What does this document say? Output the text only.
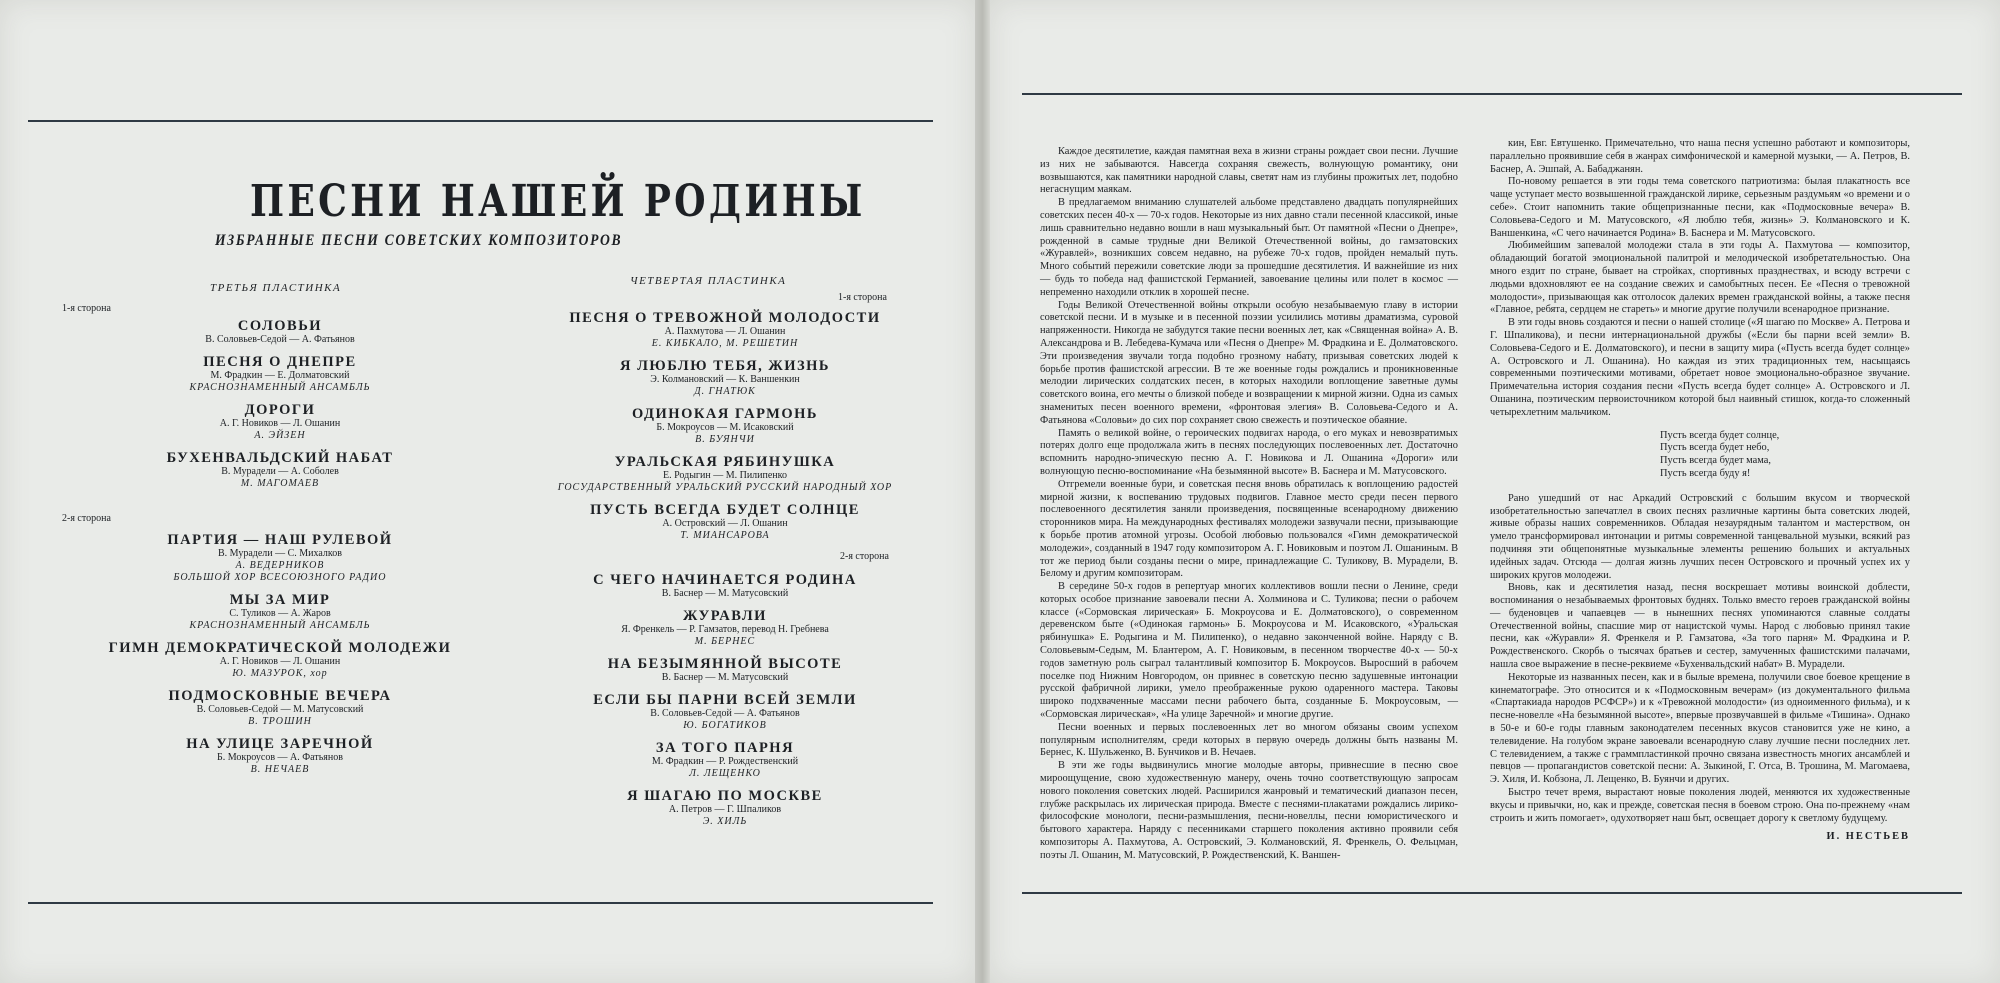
ПЕСНИ НАШЕЙ РОДИНЫ
ИЗБРАННЫЕ ПЕСНИ СОВЕТСКИХ КОМПОЗИТОРОВ
ТРЕТЬЯ ПЛАСТИНКА
1-я сторона
2-я сторона
ЧЕТВЕРТАЯ ПЛАСТИНКА
1-я сторона
2-я сторона
СОЛОВЬИ
В. Соловьев-Седой — А. Фатьянов
ПЕСНЯ О ДНЕПРЕ
М. Фрадкин — Е. Долматовский
КРАСНОЗНАМЕННЫЙ АНСАМБЛЬ
ДОРОГИ
А. Г. Новиков — Л. Ошанин
А. ЭЙЗЕН
БУХЕНВАЛЬДСКИЙ НАБАТ
В. Мурадели — А. Соболев
М. МАГОМАЕВ
ПАРТИЯ — НАШ РУЛЕВОЙ
В. Мурадели — С. Михалков
А. ВЕДЕРНИКОВ
БОЛЬШОЙ ХОР ВСЕСОЮЗНОГО РАДИО
МЫ ЗА МИР
С. Туликов — А. Жаров
КРАСНОЗНАМЕННЫЙ АНСАМБЛЬ
ГИМН ДЕМОКРАТИЧЕСКОЙ МОЛОДЕЖИ
А. Г. Новиков — Л. Ошанин
Ю. МАЗУРОК, хор
ПОДМОСКОВНЫЕ ВЕЧЕРА
В. Соловьев-Седой — М. Матусовский
В. ТРОШИН
НА УЛИЦЕ ЗАРЕЧНОЙ
Б. Мокроусов — А. Фатьянов
В. НЕЧАЕВ
ПЕСНЯ О ТРЕВОЖНОЙ МОЛОДОСТИ
А. Пахмутова — Л. Ошанин
Е. КИБКАЛО, М. РЕШЕТИН
Я ЛЮБЛЮ ТЕБЯ, ЖИЗНЬ
Э. Колмановский — К. Ваншенкин
Д. ГНАТЮК
ОДИНОКАЯ ГАРМОНЬ
Б. Мокроусов — М. Исаковский
В. БУЯНЧИ
УРАЛЬСКАЯ РЯБИНУШКА
Е. Родыгин — М. Пилипенко
ГОСУДАРСТВЕННЫЙ УРАЛЬСКИЙ РУССКИЙ НАРОДНЫЙ ХОР
ПУСТЬ ВСЕГДА БУДЕТ СОЛНЦЕ
А. Островский — Л. Ошанин
Т. МИАНСАРОВА
С ЧЕГО НАЧИНАЕТСЯ РОДИНА
В. Баснер — М. Матусовский
ЖУРАВЛИ
Я. Френкель — Р. Гамзатов, перевод Н. Гребнева
М. БЕРНЕС
НА БЕЗЫМЯННОЙ ВЫСОТЕ
В. Баснер — М. Матусовский
ЕСЛИ БЫ ПАРНИ ВСЕЙ ЗЕМЛИ
В. Соловьев-Седой — А. Фатьянов
Ю. БОГАТИКОВ
ЗА ТОГО ПАРНЯ
М. Фрадкин — Р. Рождественский
Л. ЛЕЩЕНКО
Я ШАГАЮ ПО МОСКВЕ
А. Петров — Г. Шпаликов
Э. ХИЛЬ

Каждое десятилетие, каждая памятная веха в жизни страны рождает свои песни. Лучшие из них не забываются. Навсегда сохраняя свежесть, волнующую романтику, они возвышаются, как памятники народной славы, светят нам из глубины прожитых лет, подобно негаснущим маякам.

В предлагаемом вниманию слушателей альбоме представлено двадцать популярнейших советских песен 40-х — 70-х годов. Некоторые из них давно стали песенной классикой, иные лишь сравнительно недавно вошли в наш музыкальный быт. От памятной «Песни о Днепре», рожденной в самые трудные дни Великой Отечественной войны, до гамзатовских «Журавлей», возникших совсем недавно, на рубеже 70-х годов, пройден немалый путь. Много событий пережили советские люди за прошедшие десятилетия. И важнейшие из них — будь то победа над фашистской Германией, завоевание целины или полет в космос — непременно находили отклик в хорошей песне.

Годы Великой Отечественной войны открыли особую незабываемую главу в истории советской песни. И в музыке и в песенной поэзии усилились мотивы драматизма, суровой напряженности. Никогда не забудутся такие песни военных лет, как «Священная война» А. В. Александрова и В. Лебедева-Кумача или «Песня о Днепре» М. Фрадкина и Е. Долматовского. Эти произведения звучали тогда подобно грозному набату, призывая советских людей к борьбе против фашистской агрессии. В те же военные годы рождались и проникновенные мелодии лирических солдатских песен, в которых находили воплощение заветные думы советского воина, его мечты о близкой победе и возвращении к мирной жизни. Одна из самых знаменитых песен военного времени, «фронтовая элегия» В. Соловьева-Седого и А. Фатьянова «Соловьи» до сих пор сохраняет свою свежесть и поэтическое обаяние.

Память о великой войне, о героических подвигах народа, о его муках и невозвратимых потерях долго еще продолжала жить в песнях последующих послевоенных лет. Достаточно вспомнить народно-эпическую песню А. Г. Новикова и Л. Ошанина «Дороги» или волнующую песню-воспоминание «На безымянной высоте» В. Баснера и М. Матусовского.

Отгремели военные бури, и советская песня вновь обратилась к воплощению радостей мирной жизни, к воспеванию трудовых подвигов. Главное место среди песен первого послевоенного десятилетия заняли произведения, посвященные всенародному движению сторонников мира. На международных фестивалях молодежи зазвучали песни, призывающие к борьбе против атомной угрозы. Особой любовью пользовался «Гимн демократической молодежи», созданный в 1947 году композитором А. Г. Новиковым и поэтом Л. Ошаниным. В тот же период были созданы песни о мире, принадлежащие С. Туликову, В. Мурадели, В. Белому и другим композиторам.

В середине 50-х годов в репертуар многих коллективов вошли песни о Ленине, среди которых особое признание завоевали песни А. Холминова и С. Туликова; песни о рабочем классе («Сормовская лирическая» Б. Мокроусова и Е. Долматовского), о современном деревенском быте («Одинокая гармонь» Б. Мокроусова и М. Исаковского, «Уральская рябинушка» Е. Родыгина и М. Пилипенко), о недавно законченной войне. Наряду с В. Соловьевым-Седым, М. Блантером, А. Г. Новиковым, в песенном творчестве 40-х — 50-х годов заметную роль сыграл талантливый композитор Б. Мокроусов. Выросший в рабочем поселке под Нижним Новгородом, он привнес в советскую песню задушевные интонации русской фабричной лирики, умело преображенные рукою одаренного мастера. Таковы широко подхваченные массами песни рабочего быта, созданные Б. Мокроусовым, — «Сормовская лирическая», «На улице Заречной» и многие другие.

Песни военных и первых послевоенных лет во многом обязаны своим успехом популярным исполнителям, среди которых в первую очередь должны быть названы М. Бернес, К. Шульженко, В. Бунчиков и В. Нечаев.

В эти же годы выдвинулись многие молодые авторы, привнесшие в песню свое мироощущение, свою художественную манеру, очень точно соответствующую запросам нового поколения советских людей. Расширился жанровый и тематический диапазон песен, глубже раскрылась их лирическая природа. Вместе с песнями-плакатами рождались лирико-философские монологи, песни-размышления, песни-новеллы, песни юмористического и бытового характера. Наряду с песенниками старшего поколения активно проявили себя композиторы А. Пахмутова, А. Островский, Э. Колмановский, Я. Френкель, О. Фельцман, поэты Л. Ошанин, М. Матусовский, Р. Рождественский, К. Ваншен-

кин, Евг. Евтушенко. Примечательно, что наша песня успешно работают и композиторы, параллельно проявившие себя в жанрах симфонической и камерной музыки, — А. Петров, В. Баснер, А. Эшпай, А. Бабаджанян.

По-новому решается в эти годы тема советского патриотизма: былая плакатность все чаще уступает место возвышенной гражданской лирике, серьезным раздумьям «о времени и о себе». Стоит напомнить такие общепризнанные песни, как «Подмосковные вечера» В. Соловьева-Седого и М. Матусовского, «Я люблю тебя, жизнь» Э. Колмановского и К. Ваншенкина, «С чего начинается Родина» В. Баснера и М. Матусовского.

Любимейшим запевалой молодежи стала в эти годы А. Пахмутова — композитор, обладающий богатой эмоциональной палитрой и мелодической изобретательностью. Она много ездит по стране, бывает на стройках, спортивных празднествах, и всюду встречи с людьми вдохновляют ее на создание свежих и самобытных песен. Ее «Песня о тревожной молодости», призывающая как отголосок далеких времен гражданской войны, а также песня «Главное, ребята, сердцем не стареть» и многие другие получили всенародное признание.

В эти годы вновь создаются и песни о нашей столице («Я шагаю по Москве» А. Петрова и Г. Шпаликова), и песни интернациональной дружбы («Если бы парни всей земли» В. Соловьева-Седого и Е. Долматовского), и песни в защиту мира («Пусть всегда будет солнце» А. Островского и Л. Ошанина). Но каждая из этих традиционных тем, насыщаясь современными поэтическими мотивами, обретает новое эмоционально-образное звучание. Примечательна история создания песни «Пусть всегда будет солнце» А. Островского и Л. Ошанина, поэтическим первоисточником которой был наивный стишок, когда-то сложенный четырехлетним мальчиком.

Пусть всегда будет солнце,
Пусть всегда будет небо,
Пусть всегда будет мама,
Пусть всегда буду я!

Рано ушедший от нас Аркадий Островский с большим вкусом и творческой изобретательностью запечатлел в своих песнях различные картины быта советских людей, живые образы наших современников. Обладая незаурядным талантом и мастерством, он умело трансформировал интонации и ритмы современной танцевальной музыки, всякий раз подчиняя эти общепонятные музыкальные элементы решению больших и актуальных идейных задач. Отсюда — долгая жизнь лучших песен Островского и прочный успех их у широких кругов молодежи.

Вновь, как и десятилетия назад, песня воскрешает мотивы воинской доблести, воспоминания о незабываемых фронтовых буднях. Только вместо героев гражданской войны — буденовцев и чапаевцев — в нынешних песнях упоминаются славные солдаты Отечественной войны, спасшие мир от нацистской чумы. Народ с любовью принял такие песни, как «Журавли» Я. Френкеля и Р. Гамзатова, «За того парня» М. Фрадкина и Р. Рождественского. Скорбь о тысячах братьев и сестер, замученных фашистскими палачами, нашла свое выражение в песне-реквиеме «Бухенвальдский набат» В. Мурадели.

Некоторые из названных песен, как и в былые времена, получили свое боевое крещение в кинематографе. Это относится и к «Подмосковным вечерам» (из документального фильма «Спартакиада народов РСФСР») и к «Тревожной молодости» (из одноименного фильма), и к песне-новелле «На безымянной высоте», впервые прозвучавшей в фильме «Тишина». Однако в 50-е и 60-е годы главным законодателем песенных вкусов становится уже не кино, а телевидение. На голубом экране завоевали всенародную славу лучшие песни последних лет. С телевидением, а также с граммпластинкой прочно связана известность многих ансамблей и певцов — пропагандистов советской песни: А. Зыкиной, Г. Отса, В. Трошина, М. Магомаева, Э. Хиля, И. Кобзона, Л. Лещенко, В. Буянчи и других.

Быстро течет время, вырастают новые поколения людей, меняются их художественные вкусы и привычки, но, как и прежде, советская песня в боевом строю. Она по-прежнему «нам строить и жить помогает», одухотворяет наш быт, освещает дорогу к светлому будущему.

И. НЕСТЬЕВ
